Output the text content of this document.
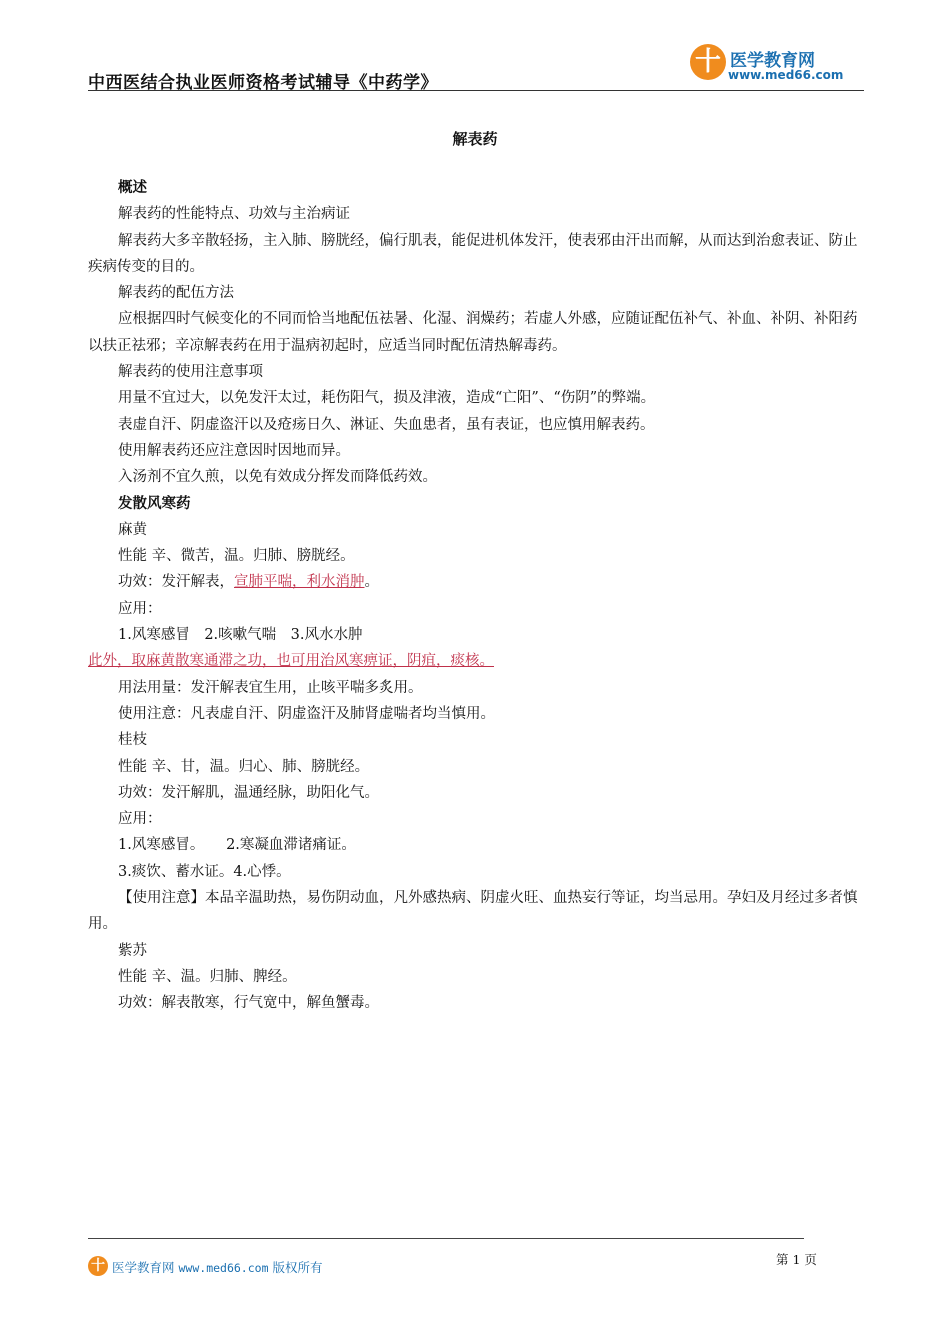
中西医结合执业医师资格考试辅导《中药学》
十 医学教育网
www.med66.com
解表药
概述
解表药的性能特点、功效与主治病证
解表药大多辛散轻扬，主入肺、膀胱经，偏行肌表，能促进机体发汗，使表邪由汗出而解，从而达到治愈表证、防止疾病传变的目的。
解表药的配伍方法
应根据四时气候变化的不同而恰当地配伍祛暑、化湿、润燥药；若虚人外感，应随证配伍补气、补血、补阴、补阳药以扶正祛邪；辛凉解表药在用于温病初起时，应适当同时配伍清热解毒药。
解表药的使用注意事项
用量不宜过大，以免发汗太过，耗伤阳气，损及津液，造成“亡阳”、“伤阴”的弊端。
表虚自汗、阴虚盗汗以及疮疡日久、淋证、失血患者，虽有表证，也应慎用解表药。
使用解表药还应注意因时因地而异。
入汤剂不宜久煎，以免有效成分挥发而降低药效。
发散风寒药
麻黄
性能 辛、微苦，温。归肺、膀胱经。
功效：发汗解表，宣肺平喘，利水消肿。
应用：
1.风寒感冒　2.咳嗽气喘　3.风水水肿
此外，取麻黄散寒通滞之功，也可用治风寒痹证，阴疽，痰核。
用法用量：发汗解表宜生用，止咳平喘多炙用。
使用注意：凡表虚自汗、阴虚盗汗及肺肾虚喘者均当慎用。
桂枝
性能 辛、甘，温。归心、肺、膀胱经。
功效：发汗解肌，温通经脉，助阳化气。
应用：
1.风寒感冒。　　2.寒凝血滞诸痛证。
3.痰饮、蓄水证。4.心悸。
【使用注意】本品辛温助热，易伤阴动血，凡外感热病、阴虚火旺、血热妄行等证，均当忌用。孕妇及月经过多者慎用。
紫苏
性能 辛、温。归肺、脾经。
功效：解表散寒，行气宽中，解鱼蟹毒。
十 医学教育网 www.med66.com 版权所有
第 1 页
